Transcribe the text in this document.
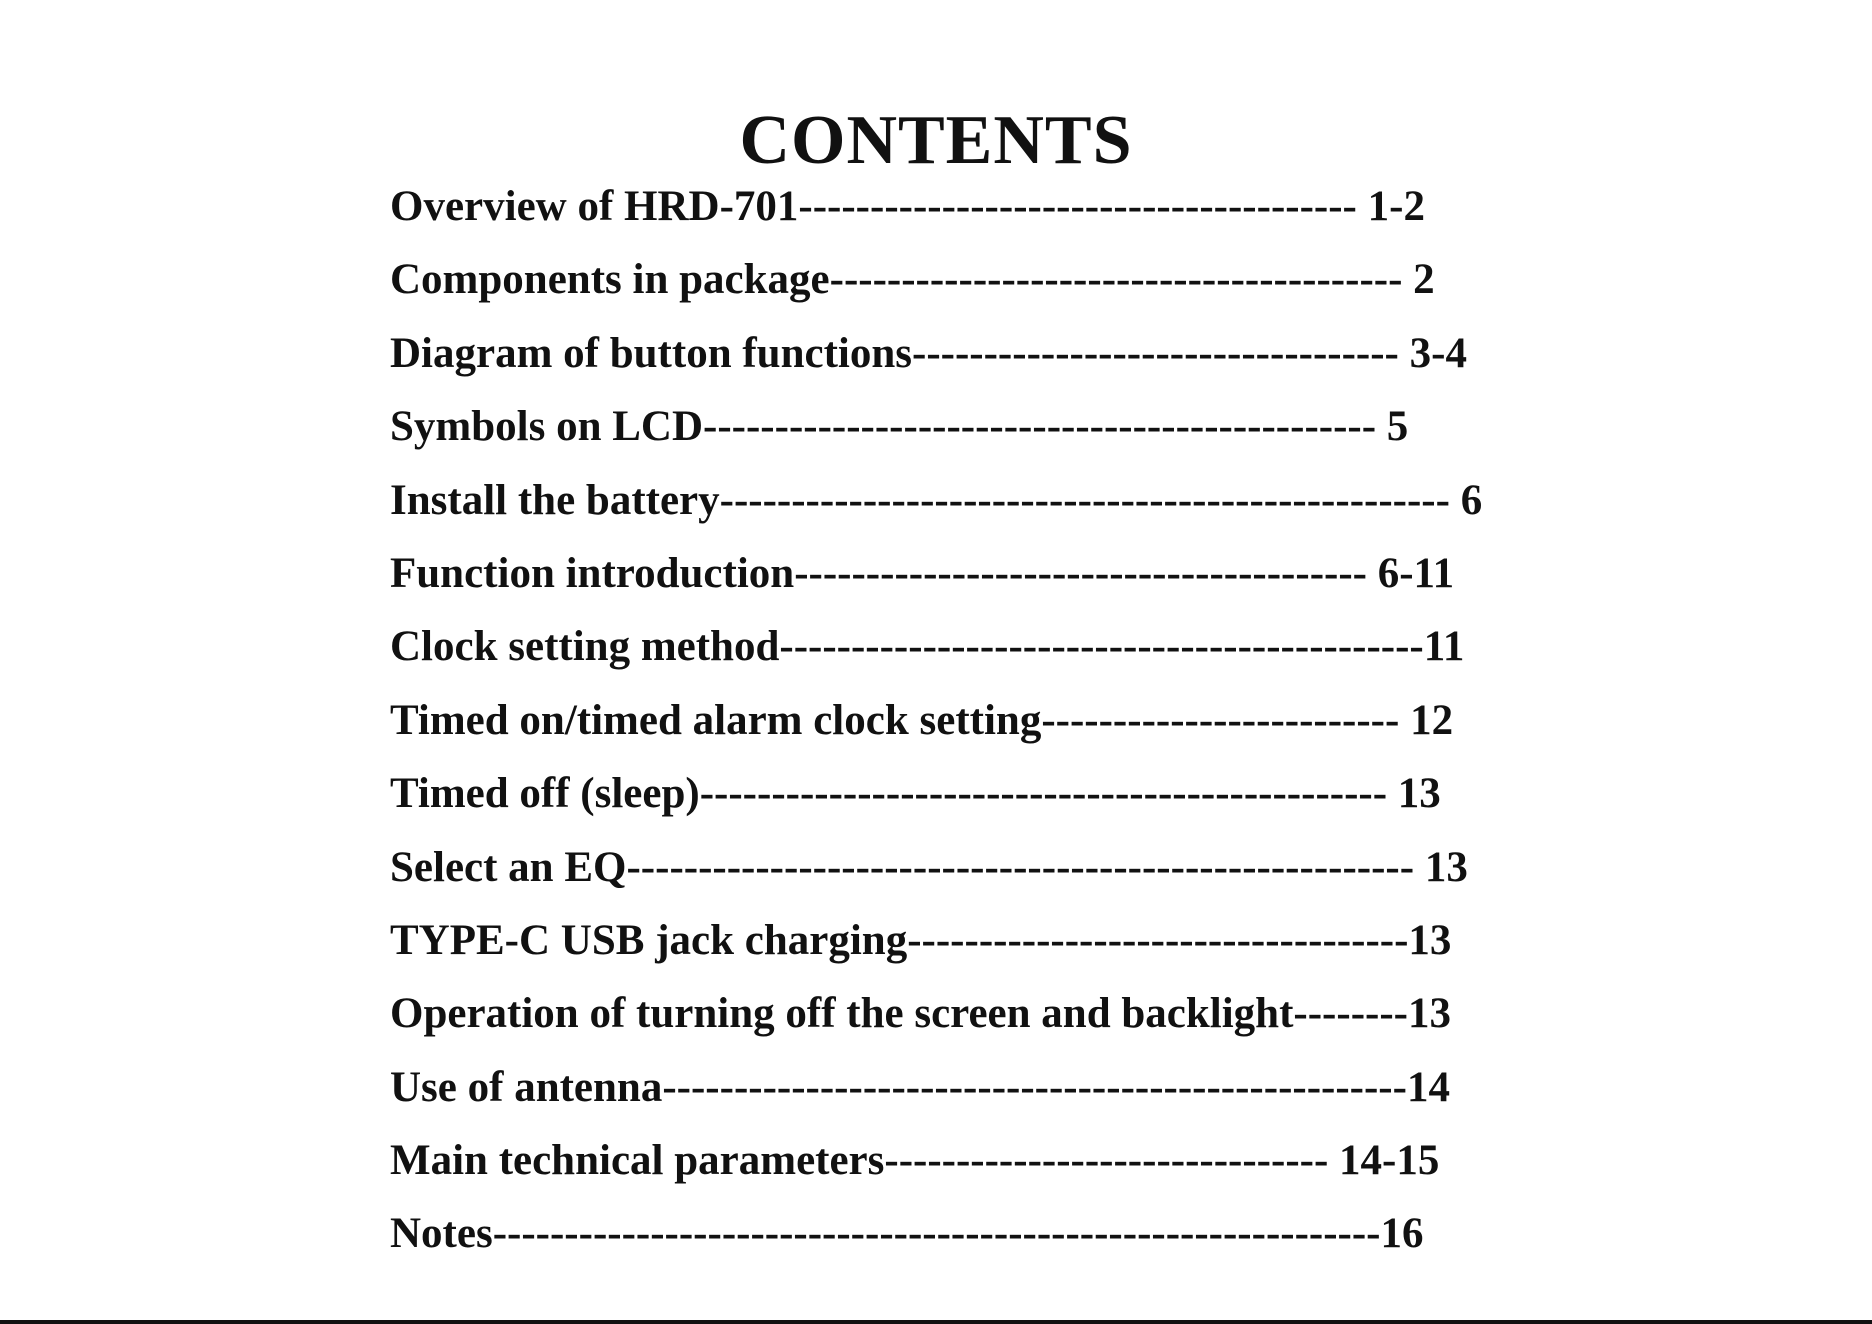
CONTENTS
Overview of HRD-701--------------------------------------- 1-2
Components in package---------------------------------------- 2
Diagram of button functions---------------------------------- 3-4
Symbols on LCD----------------------------------------------- 5
Install the battery--------------------------------------------------- 6
Function introduction---------------------------------------- 6-11
Clock setting method---------------------------------------------11
Timed on/timed alarm clock setting------------------------- 12
Timed off (sleep)------------------------------------------------ 13
Select an EQ------------------------------------------------------- 13
TYPE-C USB jack charging-----------------------------------13
Operation of turning off the screen and backlight--------13
Use of antenna----------------------------------------------------14
Main technical parameters------------------------------- 14-15
Notes--------------------------------------------------------------16
